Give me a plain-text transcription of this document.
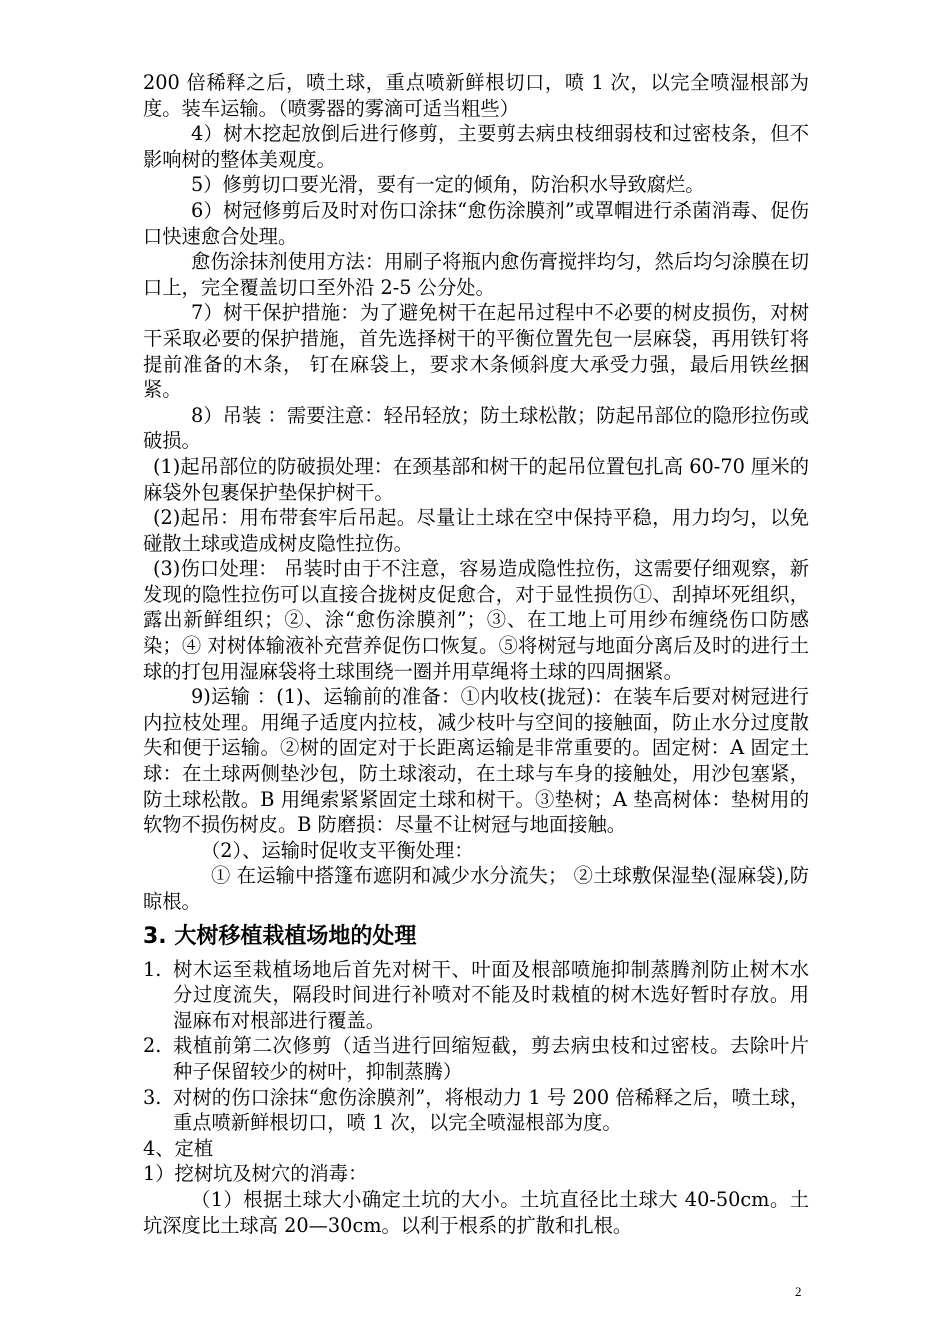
200 倍稀释之后，喷土球，重点喷新鲜根切口，喷 1 次，以完全喷湿根部为度。装车运输。（喷雾器的雾滴可适当粗些）

4）树木挖起放倒后进行修剪，主要剪去病虫枝细弱枝和过密枝条，但不影响树的整体美观度。

5）修剪切口要光滑，要有一定的倾角，防治积水导致腐烂。

6）树冠修剪后及时对伤口涂抹“愈伤涂膜剂”或罩帽进行杀菌消毒、促伤口快速愈合处理。

愈伤涂抹剂使用方法：用刷子将瓶内愈伤膏搅拌均匀，然后均匀涂膜在切口上，完全覆盖切口至外沿 2-5 公分处。

7）树干保护措施：为了避免树干在起吊过程中不必要的树皮损伤，对树干采取必要的保护措施，首先选择树干的平衡位置先包一层麻袋，再用铁钉将提前准备的木条， 钉在麻袋上，要求木条倾斜度大承受力强，最后用铁丝捆紧。

8）吊装 ：需要注意：轻吊轻放；防土球松散；防起吊部位的隐形拉伤或破损。

(1)起吊部位的防破损处理：在颈基部和树干的起吊位置包扎高 60-70 厘米的麻袋外包裹保护垫保护树干。

(2)起吊：用布带套牢后吊起。尽量让土球在空中保持平稳，用力均匀，以免碰散土球或造成树皮隐性拉伤。

(3)伤口处理： 吊装时由于不注意，容易造成隐性拉伤，这需要仔细观察，新发现的隐性拉伤可以直接合拢树皮促愈合，对于显性损伤①、刮掉坏死组织，露出新鲜组织；②、涂“愈伤涂膜剂”；③、在工地上可用纱布缠绕伤口防感染；④ 对树体输液补充营养促伤口恢复。⑤将树冠与地面分离后及时的进行土球的打包用湿麻袋将土球围绕一圈并用草绳将土球的四周捆紧。

9)运输 ：(1)、运输前的准备：①内收枝(拢冠)：在装车后要对树冠进行内拉枝处理。用绳子适度内拉枝，减少枝叶与空间的接触面，防止水分过度散失和便于运输。②树的固定对于长距离运输是非常重要的。固定树：A 固定土球：在土球两侧垫沙包，防土球滚动，在土球与车身的接触处，用沙包塞紧，防土球松散。B 用绳索紧紧固定土球和树干。③垫树；A 垫高树体：垫树用的软物不损伤树皮。B 防磨损：尽量不让树冠与地面接触。

（2）、运输时促收支平衡处理：

① 在运输中搭篷布遮阴和减少水分流失； ②土球敷保湿垫(湿麻袋),防晾根。

3. 大树移植栽植场地的处理
1. 树木运至栽植场地后首先对树干、叶面及根部喷施抑制蒸腾剂防止树木水分过度流失，隔段时间进行补喷对不能及时栽植的树木选好暂时存放。用湿麻布对根部进行覆盖。
2. 栽植前第二次修剪（适当进行回缩短截，剪去病虫枝和过密枝。去除叶片种子保留较少的树叶，抑制蒸腾）
3. 对树的伤口涂抹“愈伤涂膜剂”，将根动力 1 号 200 倍稀释之后，喷土球，重点喷新鲜根切口，喷 1 次，以完全喷湿根部为度。

4、定植

1）挖树坑及树穴的消毒：

（1）根据土球大小确定土坑的大小。土坑直径比土球大 40-50cm。土坑深度比土球高 20—30cm。以利于根系的扩散和扎根。

2
